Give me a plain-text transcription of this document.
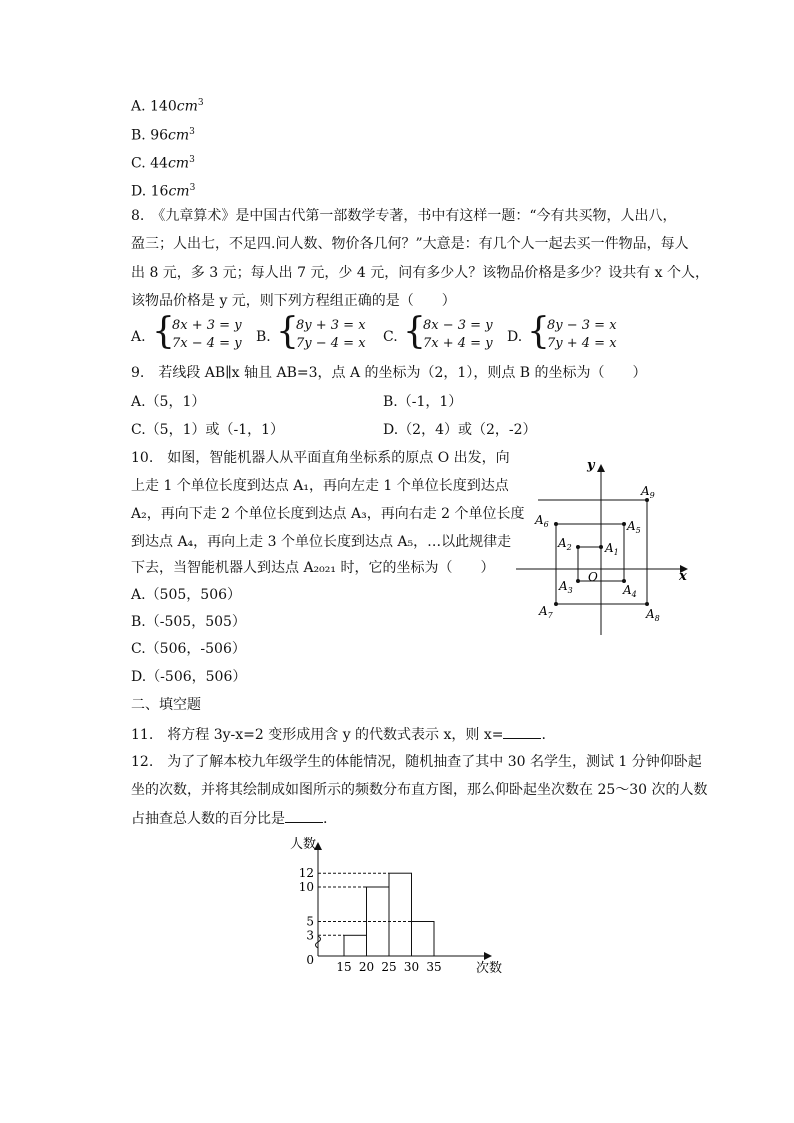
A. $140cm^3$
B. $96cm^3$
C. $44cm^3$
D. $16cm^3$
8.　《九章算术》是中国古代第一部数学专著，书中有这样一题：“今有共买物，人出八，
盈三；人出七，不足四.问人数、物价各几何？”大意是：有几个人一起去买一件物品，每人
出 8 元，多 3 元；每人出 7 元，少 4 元，问有多少人？该物品价格是多少？设共有 x 个人，
该物品价格是 y 元，则下列方程组正确的是（　　）
A. {
8x + 3 = y
7x − 4 = y B. {
8y + 3 = x
7y − 4 = x C. {
8x − 3 = y
7x + 4 = y D. {
8y − 3 = x
7y + 4 = x
9.　若线段 AB∥x 轴且 AB=3，点 A 的坐标为（2，1），则点 B 的坐标为（　　）
A.（5，1）	B.（-1，1）
C.（5，1）或（-1，1）	D.（2，4）或（2，-2）
10.　如图，智能机器人从平面直角坐标系的原点 O 出发，向
上走 1 个单位长度到达点 A₁，再向左走 1 个单位长度到达点
A₂，再向下走 2 个单位长度到达点 A₃，再向右走 2 个单位长度
到达点 A₄，再向上走 3 个单位长度到达点 A₅，…以此规律走
下去，当智能机器人到达点 A₂₀₂₁ 时，它的坐标为（　　）
A.（505，506）
B.（-505，505）
C.（506，-506）
D.（-506，506）
x
y
O
$A_1$
$A_2$
$A_3$	$A_4$
$A_5$
$A_6$
$A_7$	$A_8$
$A_9$
二、填空题
11.　将方程 3y-x=2 变形成用含 y 的代数式表示 x，则 x=	.
12.　为了了解本校九年级学生的体能情况，随机抽查了其中 30 名学生，测试 1 分钟仰卧起
坐的次数，并将其绘制成如图所示的频数分布直方图，那么仰卧起坐次数在 25～30 次的人数
占抽查总人数的百分比是	.
人数
次数
3
5
10
12
0 15 20 25 30 35
